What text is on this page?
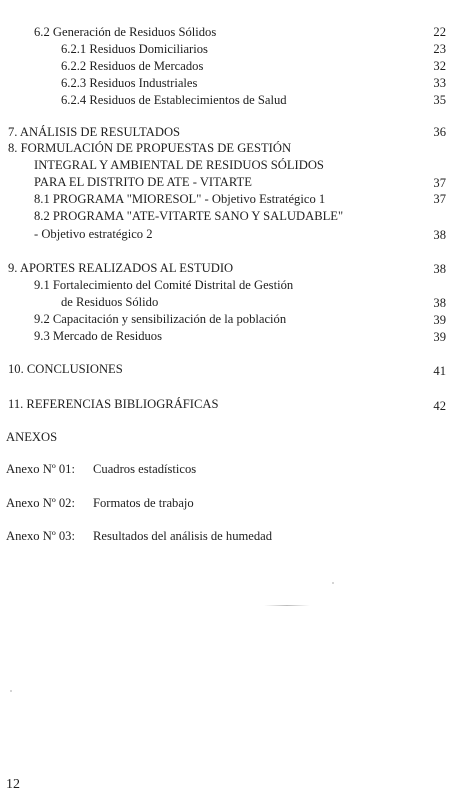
6.2 Generación de Residuos Sólidos	22
6.2.1 Residuos Domiciliarios	23
6.2.2 Residuos de Mercados	32
6.2.3 Residuos Industriales	33
6.2.4 Residuos de Establecimientos de Salud	35
7. ANÁLISIS DE RESULTADOS	36
8. FORMULACIÓN DE PROPUESTAS DE GESTIÓN
INTEGRAL Y AMBIENTAL DE RESIDUOS SÓLIDOS
PARA EL DISTRITO DE ATE - VITARTE	37
8.1 PROGRAMA "MIORESOL" - Objetivo Estratégico 1	37
8.2 PROGRAMA "ATE-VITARTE SANO Y SALUDABLE"
- Objetivo estratégico 2	38
9. APORTES REALIZADOS AL ESTUDIO	38
9.1 Fortalecimiento del Comité Distrital de Gestión
de Residuos Sólido	38
9.2 Capacitación y sensibilización de la población	39
9.3 Mercado de Residuos	39
10. CONCLUSIONES	41
11. REFERENCIAS BIBLIOGRÁFICAS	42
ANEXOS
Anexo Nº 01: Cuadros estadísticos
Anexo Nº 02: Formatos de trabajo
Anexo Nº 03: Resultados del análisis de humedad
12
